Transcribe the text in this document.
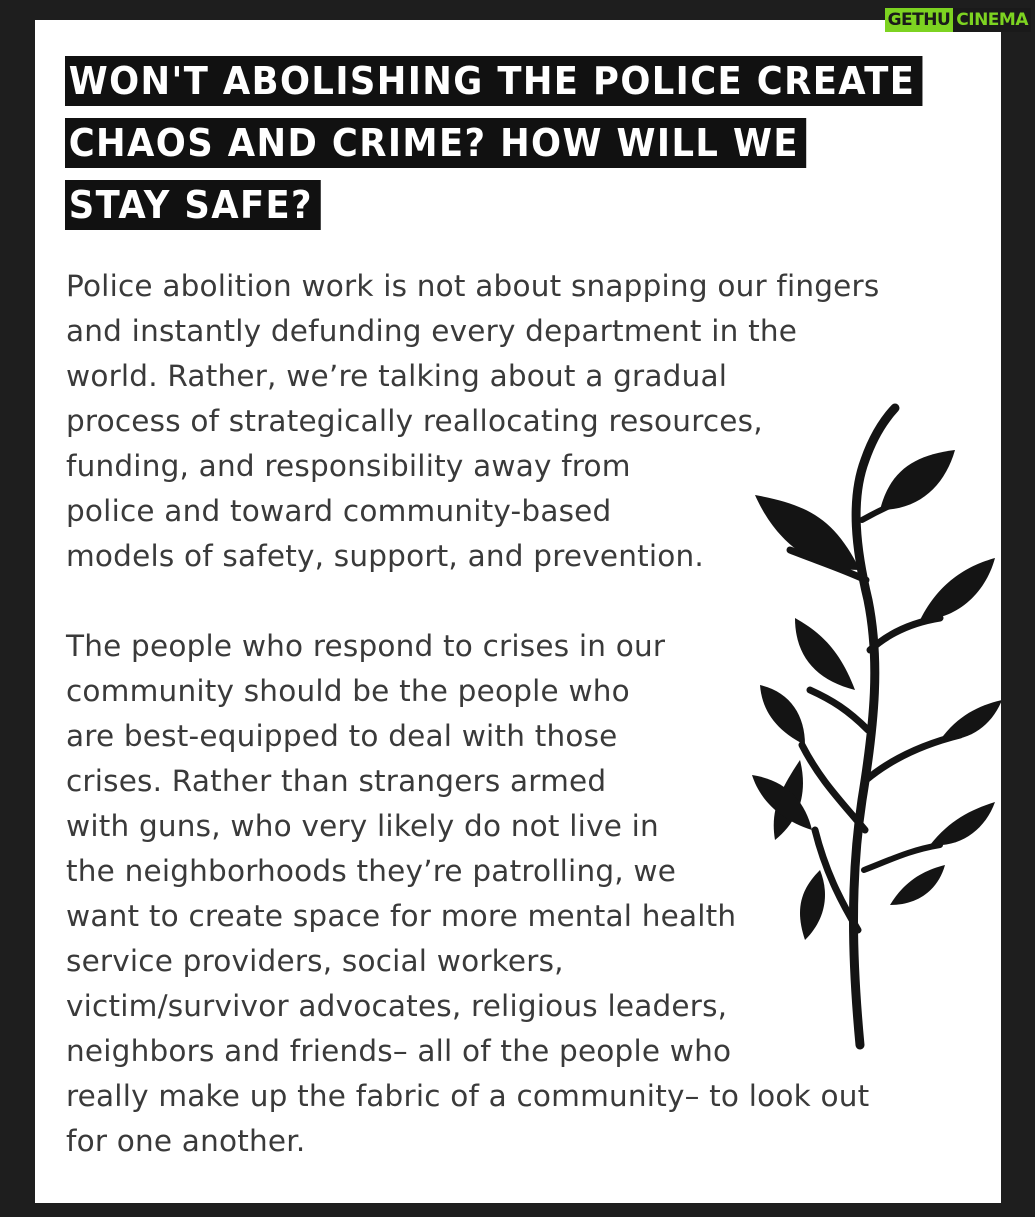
GETHU CINEMA
WON'T ABOLISHING THE POLICE CREATE
CHAOS AND CRIME? HOW WILL WE
STAY SAFE?
Police abolition work is not about snapping our fingers
and instantly defunding every department in the
world. Rather, we’re talking about a gradual
process of strategically reallocating resources,
funding, and responsibility away from
police and toward community-based
models of safety, support, and prevention.
The people who respond to crises in our
community should be the people who
are best-equipped to deal with those
crises. Rather than strangers armed
with guns, who very likely do not live in
the neighborhoods they’re patrolling, we
want to create space for more mental health
service providers, social workers,
victim/survivor advocates, religious leaders,
neighbors and friends– all of the people who
really make up the fabric of a community– to look out
for one another.
